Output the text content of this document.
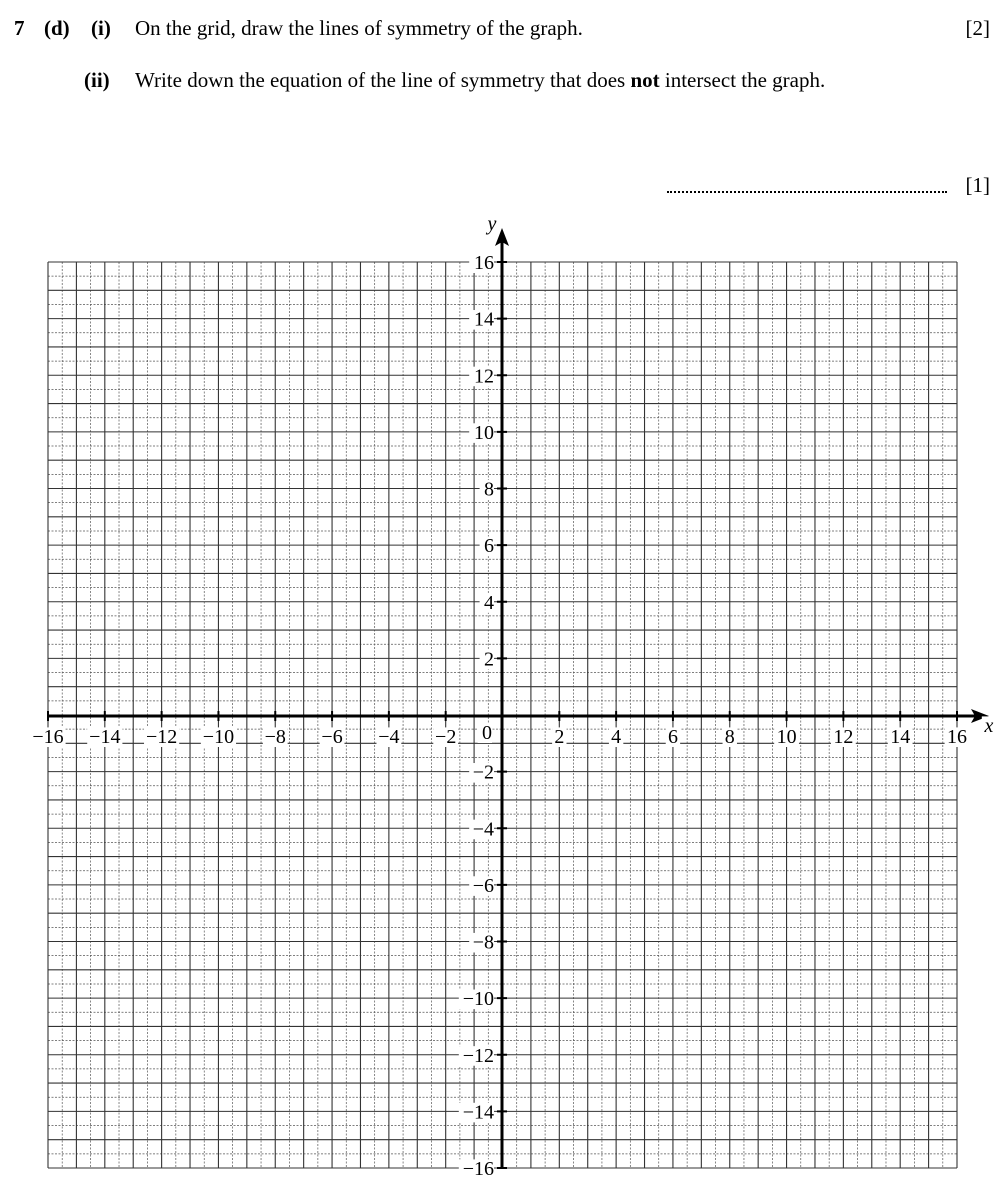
7 (d) (i) On the grid, draw the lines of symmetry of the graph.	[2]
(ii) Write down the equation of the line of symmetry that does not intersect the graph.
[1]
−16 −14 −12 −10 −8 −6 −4 −2	2 4 6 8 10 12 14 16
16
14
12
10
8
6
4
2
−2
−4
−6
−8
−10
−12
−14
−16
0	x
y
